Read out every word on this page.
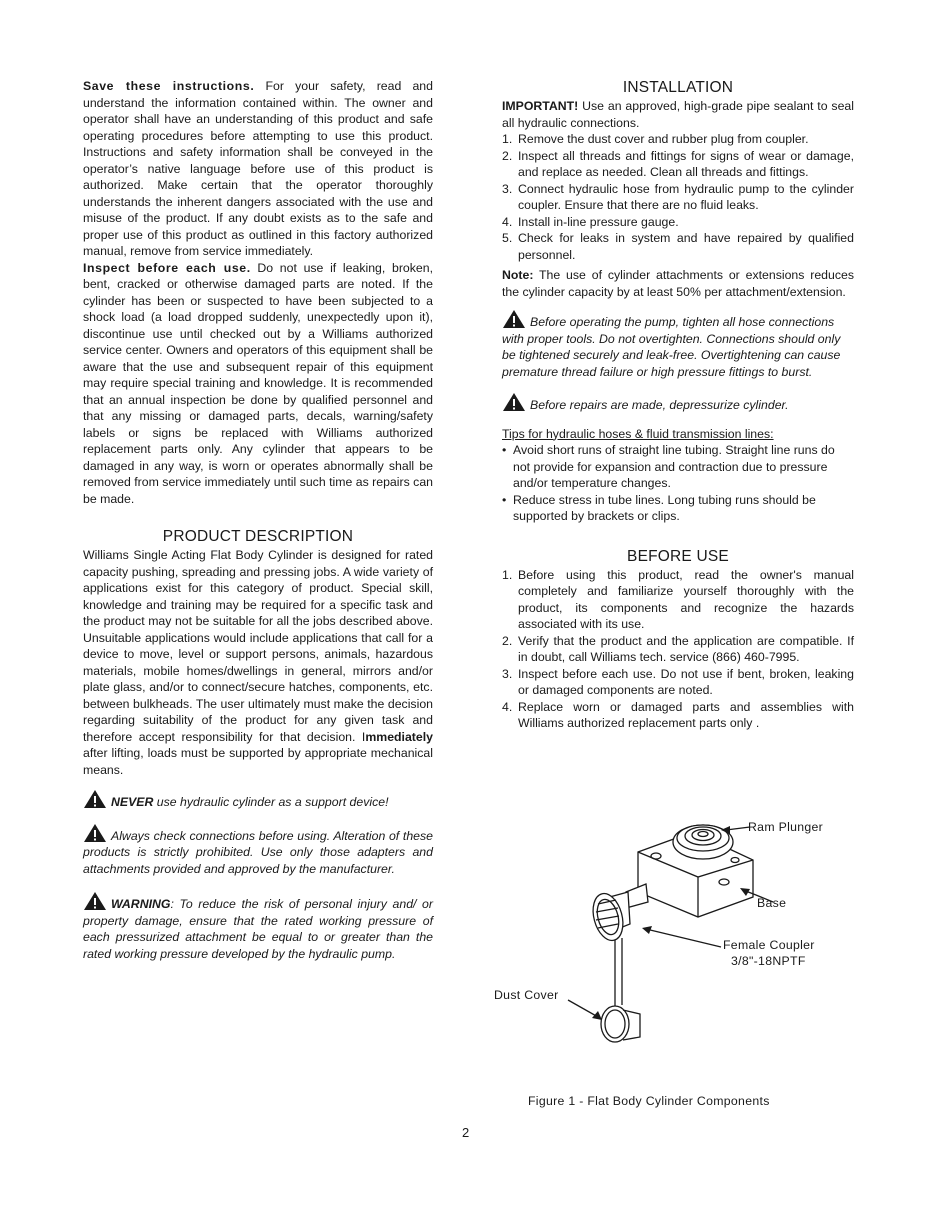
Save these instructions. For your safety, read and understand the information contained within. The owner and operator shall have an understanding of this product and safe operating procedures before attempting to use this product. Instructions and safety information shall be conveyed in the operator’s native language before use of this product is authorized. Make certain that the operator thoroughly understands the inherent dangers associated with the use and misuse of the product. If any doubt exists as to the safe and proper use of this product as outlined in this factory authorized manual, remove from service immediately.

Inspect before each use. Do not use if leaking, broken, bent, cracked or otherwise damaged parts are noted. If the cylinder has been or suspected to have been subjected to a shock load (a load dropped suddenly, unexpectedly upon it), discontinue use until checked out by a Williams authorized service center. Owners and operators of this equipment shall be aware that the use and subsequent repair of this equipment may require special training and knowledge. It is recommended that an annual inspection be done by qualified personnel and that any missing or damaged parts, decals, warning/safety labels or signs be replaced with Williams authorized replacement parts only. Any cylinder that appears to be damaged in any way, is worn or operates abnormally shall be removed from service immediately until such time as repairs can be made.

PRODUCT DESCRIPTION

Williams Single Acting Flat Body Cylinder is designed for rated capacity pushing, spreading and pressing jobs. A wide variety of applications exist for this category of product. Special skill, knowledge and training may be required for a specific task and the product may not be suitable for all the jobs described above. Unsuitable applications would include applications that call for a device to move, level or support persons, animals, hazardous materials, mobile homes/dwellings in general, mirrors and/or plate glass, and/or to connect/secure hatches, components, etc. between bulkheads. The user ultimately must make the decision regarding suitability of the product for any given task and therefore accept responsibility for that decision. Immediately after lifting, loads must be supported by appropriate mechanical means.

NEVER use hydraulic cylinder as a support device!

Always check connections before using. Alteration of these products is strictly prohibited. Use only those adapters and attachments provided and approved by the manufacturer.

WARNING: To reduce the risk of personal injury and/ or property damage, ensure that the rated working pressure of each pressurized attachment be equal to or greater than the rated working pressure developed by the hydraulic pump.

INSTALLATION

IMPORTANT! Use an approved, high-grade pipe sealant to seal all hydraulic connections.

1. Remove the dust cover and rubber plug from coupler.
2. Inspect all threads and fittings for signs of wear or damage, and replace as needed. Clean all threads and fittings.
3. Connect hydraulic hose from hydraulic pump to the cylinder coupler. Ensure that there are no fluid leaks.
4. Install in-line pressure gauge.
5. Check for leaks in system and have repaired by qualified personnel.

Note: The use of cylinder attachments or extensions reduces the cylinder capacity by at least 50% per attachment/extension.

Before operating the pump, tighten all hose connections with proper tools. Do not overtighten. Connections should only be tightened securely and leak-free. Overtightening can cause premature thread failure or high pressure fittings to burst.

Before repairs are made, depressurize cylinder.

Tips for hydraulic hoses & fluid transmission lines:

• Avoid short runs of straight line tubing. Straight line runs do not provide for expansion and contraction due to pressure and/or temperature changes.
• Reduce stress in tube lines. Long tubing runs should be supported by brackets or clips.
BEFORE USE
1. Before using this product, read the owner's manual completely and familiarize yourself thoroughly with the product, its components and recognize the hazards associated with its use.
2. Verify that the product and the application are compatible. If in doubt, call Williams tech. service (866) 460-7995.
3. Inspect before each use. Do not use if bent, broken, leaking or damaged components are noted.
4. Replace worn or damaged parts and assemblies with Williams authorized replacement parts only .
Ram Plunger
Base
Female Coupler
3/8"-18NPTF
Dust Cover
Figure 1 - Flat Body Cylinder Components
2
